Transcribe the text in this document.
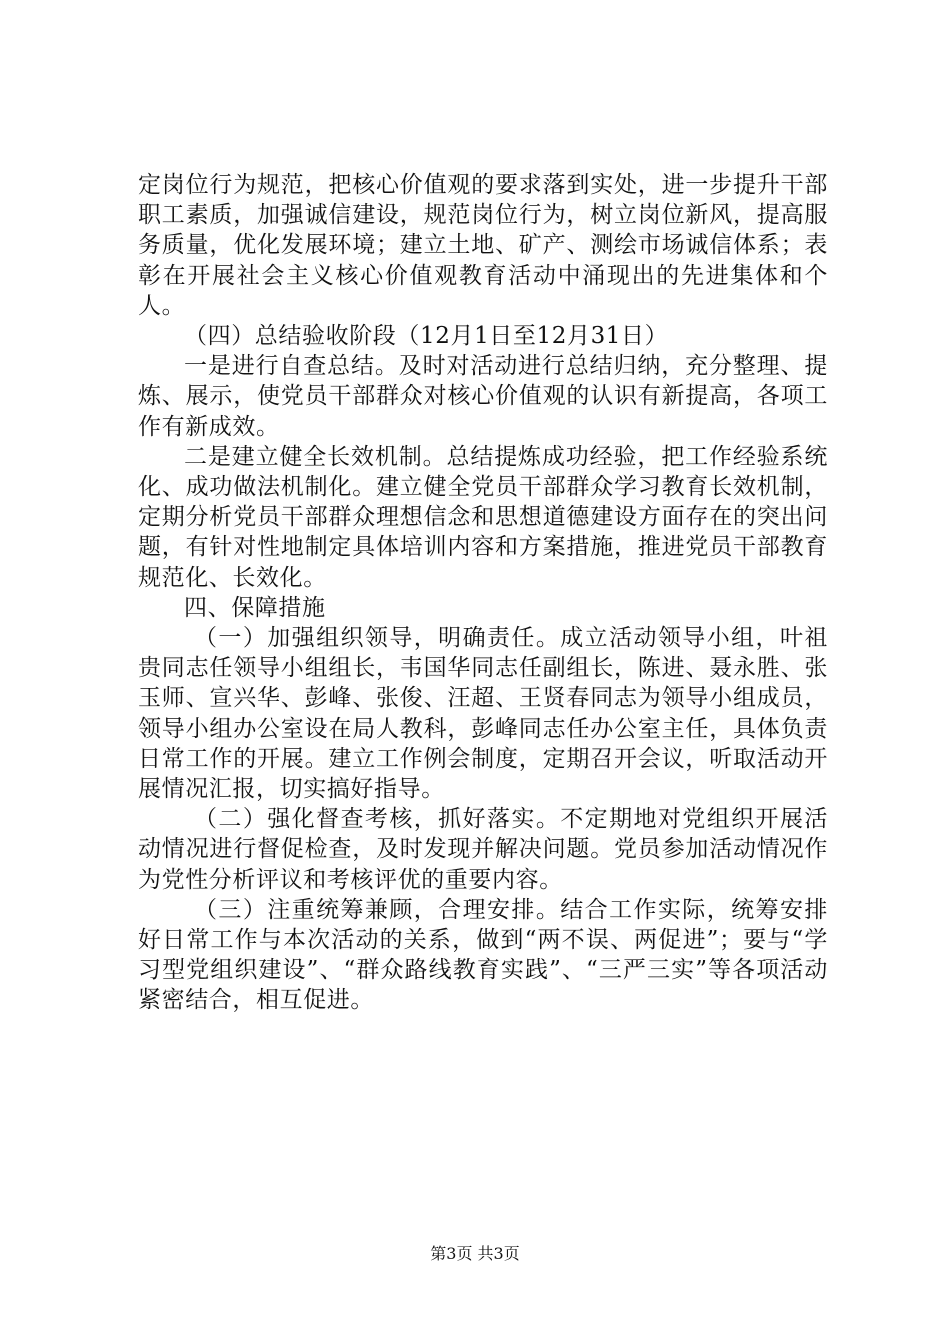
定岗位行为规范，把核心价值观的要求落到实处，进一步提升干部职工素质，加强诚信建设，规范岗位行为，树立岗位新风，提高服务质量，优化发展环境；建立土地、矿产、测绘市场诚信体系；表彰在开展社会主义核心价值观教育活动中涌现出的先进集体和个人。

（四）总结验收阶段（12月1日至12月31日）

一是进行自查总结。及时对活动进行总结归纳，充分整理、提炼、展示，使党员干部群众对核心价值观的认识有新提高，各项工作有新成效。

二是建立健全长效机制。总结提炼成功经验，把工作经验系统化、成功做法机制化。建立健全党员干部群众学习教育长效机制，定期分析党员干部群众理想信念和思想道德建设方面存在的突出问题，有针对性地制定具体培训内容和方案措施，推进党员干部教育规范化、长效化。

四、保障措施

（一）加强组织领导，明确责任。成立活动领导小组，叶祖贵同志任领导小组组长，韦国华同志任副组长，陈进、聂永胜、张玉师、宣兴华、彭峰、张俊、汪超、王贤春同志为领导小组成员，领导小组办公室设在局人教科，彭峰同志任办公室主任，具体负责日常工作的开展。建立工作例会制度，定期召开会议，听取活动开展情况汇报，切实搞好指导。

（二）强化督查考核，抓好落实。不定期地对党组织开展活动情况进行督促检查，及时发现并解决问题。党员参加活动情况作为党性分析评议和考核评优的重要内容。

（三）注重统筹兼顾，合理安排。结合工作实际，统筹安排好日常工作与本次活动的关系，做到“两不误、两促进”；要与“学习型党组织建设”、“群众路线教育实践”、“三严三实”等各项活动紧密结合，相互促进。

第3页 共3页
